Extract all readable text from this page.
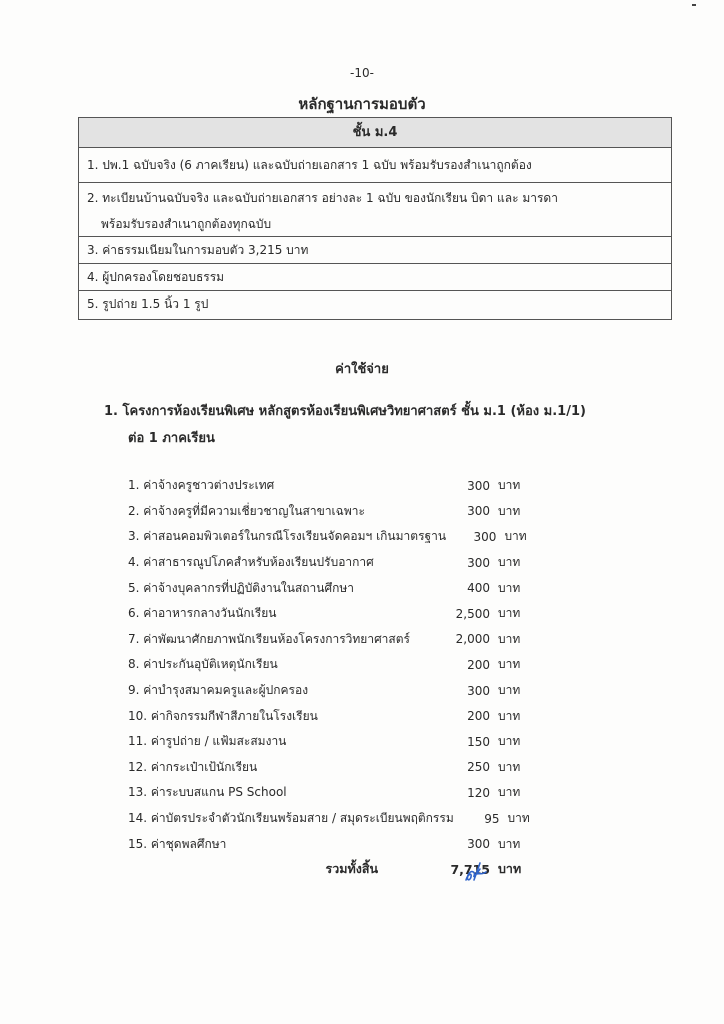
-10-
หลักฐานการมอบตัว
ชั้น ม.4
1. ปพ.1 ฉบับจริง (6 ภาคเรียน) และฉบับถ่ายเอกสาร 1 ฉบับ พร้อมรับรองสำเนาถูกต้อง
2. ทะเบียนบ้านฉบับจริง และฉบับถ่ายเอกสาร อย่างละ 1 ฉบับ ของนักเรียน บิดา และ มารดา
พร้อมรับรองสำเนาถูกต้องทุกฉบับ
3. ค่าธรรมเนียมในการมอบตัว 3,215 บาท
4. ผู้ปกครองโดยชอบธรรม
5. รูปถ่าย 1.5 นิ้ว 1 รูป
ค่าใช้จ่าย
1. โครงการห้องเรียนพิเศษ หลักสูตรห้องเรียนพิเศษวิทยาศาสตร์ ชั้น ม.1 (ห้อง ม.1/1)
ต่อ 1 ภาคเรียน
1. ค่าจ้างครูชาวต่างประเทศ	300 บาท
2. ค่าจ้างครูที่มีความเชี่ยวชาญในสาขาเฉพาะ	300 บาท
3. ค่าสอนคอมพิวเตอร์ในกรณีโรงเรียนจัดคอมฯ เกินมาตรฐาน	300 บาท
4. ค่าสาธารณูปโภคสำหรับห้องเรียนปรับอากาศ	300 บาท
5. ค่าจ้างบุคลากรที่ปฏิบัติงานในสถานศึกษา	400 บาท
6. ค่าอาหารกลางวันนักเรียน	2,500 บาท
7. ค่าพัฒนาศักยภาพนักเรียนห้องโครงการวิทยาศาสตร์	2,000 บาท
8. ค่าประกันอุบัติเหตุนักเรียน	200 บาท
9. ค่าบำรุงสมาคมครูและผู้ปกครอง	300 บาท
10. ค่ากิจกรรมกีฬาสีภายในโรงเรียน	200 บาท
11. ค่ารูปถ่าย / แฟ้มสะสมงาน	150 บาท
12. ค่ากระเป๋าเป้นักเรียน	250 บาท
13. ค่าระบบสแกน PS School	120 บาท
14. ค่าบัตรประจำตัวนักเรียนพร้อมสาย / สมุดระเบียนพฤติกรรม	95 บาท
15. ค่าชุดพลศึกษา	300 บาท
รวมทั้งสิ้น	7,715 บาท
